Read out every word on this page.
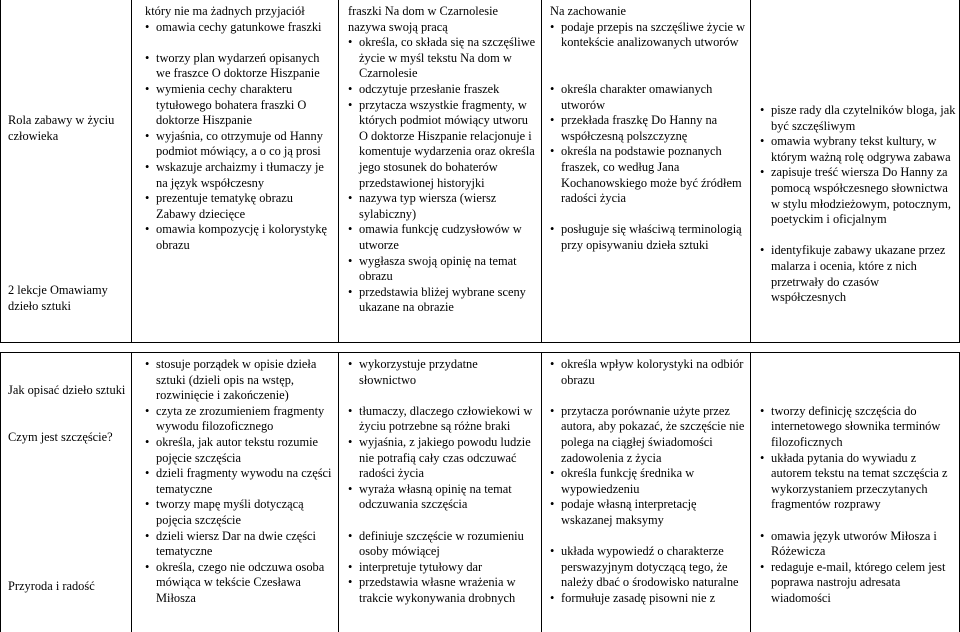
Rola zabawy w życiu człowieka

2 lekcje Omawiamy dzieło sztuki

który nie ma żadnych przyjaciół

• omawia cechy gatunkowe fraszki

• tworzy plan wydarzeń opisanych we fraszce O doktorze Hiszpanie

• wymienia cechy charakteru tytułowego bohatera fraszki O doktorze Hiszpanie

• wyjaśnia, co otrzymuje od Hanny podmiot mówiący, a o co ją prosi

• wskazuje archaizmy i tłumaczy je na język współczesny

• prezentuje tematykę obrazu Zabawy dziecięce

• omawia kompozycję i kolorystykę obrazu

fraszki Na dom w Czarnolesie nazywa swoją pracą

• określa, co składa się na szczęśliwe życie w myśl tekstu Na dom w Czarnolesie

• odczytuje przesłanie fraszek

• przytacza wszystkie fragmenty, w których podmiot mówiący utworu O doktorze Hiszpanie relacjonuje i komentuje wydarzenia oraz określa jego stosunek do bohaterów przedstawionej historyjki

• nazywa typ wiersza (wiersz sylabiczny)

• omawia funkcję cudzysłowów w utworze

• wygłasza swoją opinię na temat obrazu

• przedstawia bliżej wybrane sceny ukazane na obrazie

Na zachowanie

• podaje przepis na szczęśliwe życie w kontekście analizowanych utworów

• określa charakter omawianych utworów

• przekłada fraszkę Do Hanny na współczesną polszczyznę

• określa na podstawie poznanych fraszek, co według Jana Kochanowskiego może być źródłem radości życia

• posługuje się właściwą terminologią przy opisywaniu dzieła sztuki

• pisze rady dla czytelników bloga, jak być szczęśliwym

• omawia wybrany tekst kultury, w którym ważną rolę odgrywa zabawa

• zapisuje treść wiersza Do Hanny za pomocą współczesnego słownictwa w stylu młodzieżowym, potocznym, poetyckim i oficjalnym

• identyfikuje zabawy ukazane przez malarza i ocenia, które z nich przetrwały do czasów współczesnych

Jak opisać dzieło sztuki

Czym jest szczęście?

Przyroda i radość

• stosuje porządek w opisie dzieła sztuki (dzieli opis na wstęp, rozwinięcie i zakończenie)

• czyta ze zrozumieniem fragmenty wywodu filozoficznego

• określa, jak autor tekstu rozumie pojęcie szczęścia

• dzieli fragmenty wywodu na części tematyczne

• tworzy mapę myśli dotyczącą pojęcia szczęście

• dzieli wiersz Dar na dwie części tematyczne

• określa, czego nie odczuwa osoba mówiąca w tekście Czesława Miłosza

• wykorzystuje przydatne słownictwo

• tłumaczy, dlaczego człowiekowi w życiu potrzebne są różne braki

• wyjaśnia, z jakiego powodu ludzie nie potrafią cały czas odczuwać radości życia

• wyraża własną opinię na temat odczuwania szczęścia

• definiuje szczęście w rozumieniu osoby mówiącej

• interpretuje tytułowy dar

• przedstawia własne wrażenia w trakcie wykonywania drobnych

• określa wpływ kolorystyki na odbiór obrazu

• przytacza porównanie użyte przez autora, aby pokazać, że szczęście nie polega na ciągłej świadomości zadowolenia z życia

• określa funkcję średnika w wypowiedzeniu

• podaje własną interpretację wskazanej maksymy

• układa wypowiedź o charakterze perswazyjnym dotyczącą tego, że należy dbać o środowisko naturalne

• formułuje zasadę pisowni nie z

• tworzy definicję szczęścia do internetowego słownika terminów filozoficznych

• układa pytania do wywiadu z autorem tekstu na temat szczęścia z wykorzystaniem przeczytanych fragmentów rozprawy

• omawia język utworów Miłosza i Różewicza

• redaguje e-mail, którego celem jest poprawa nastroju adresata wiadomości
